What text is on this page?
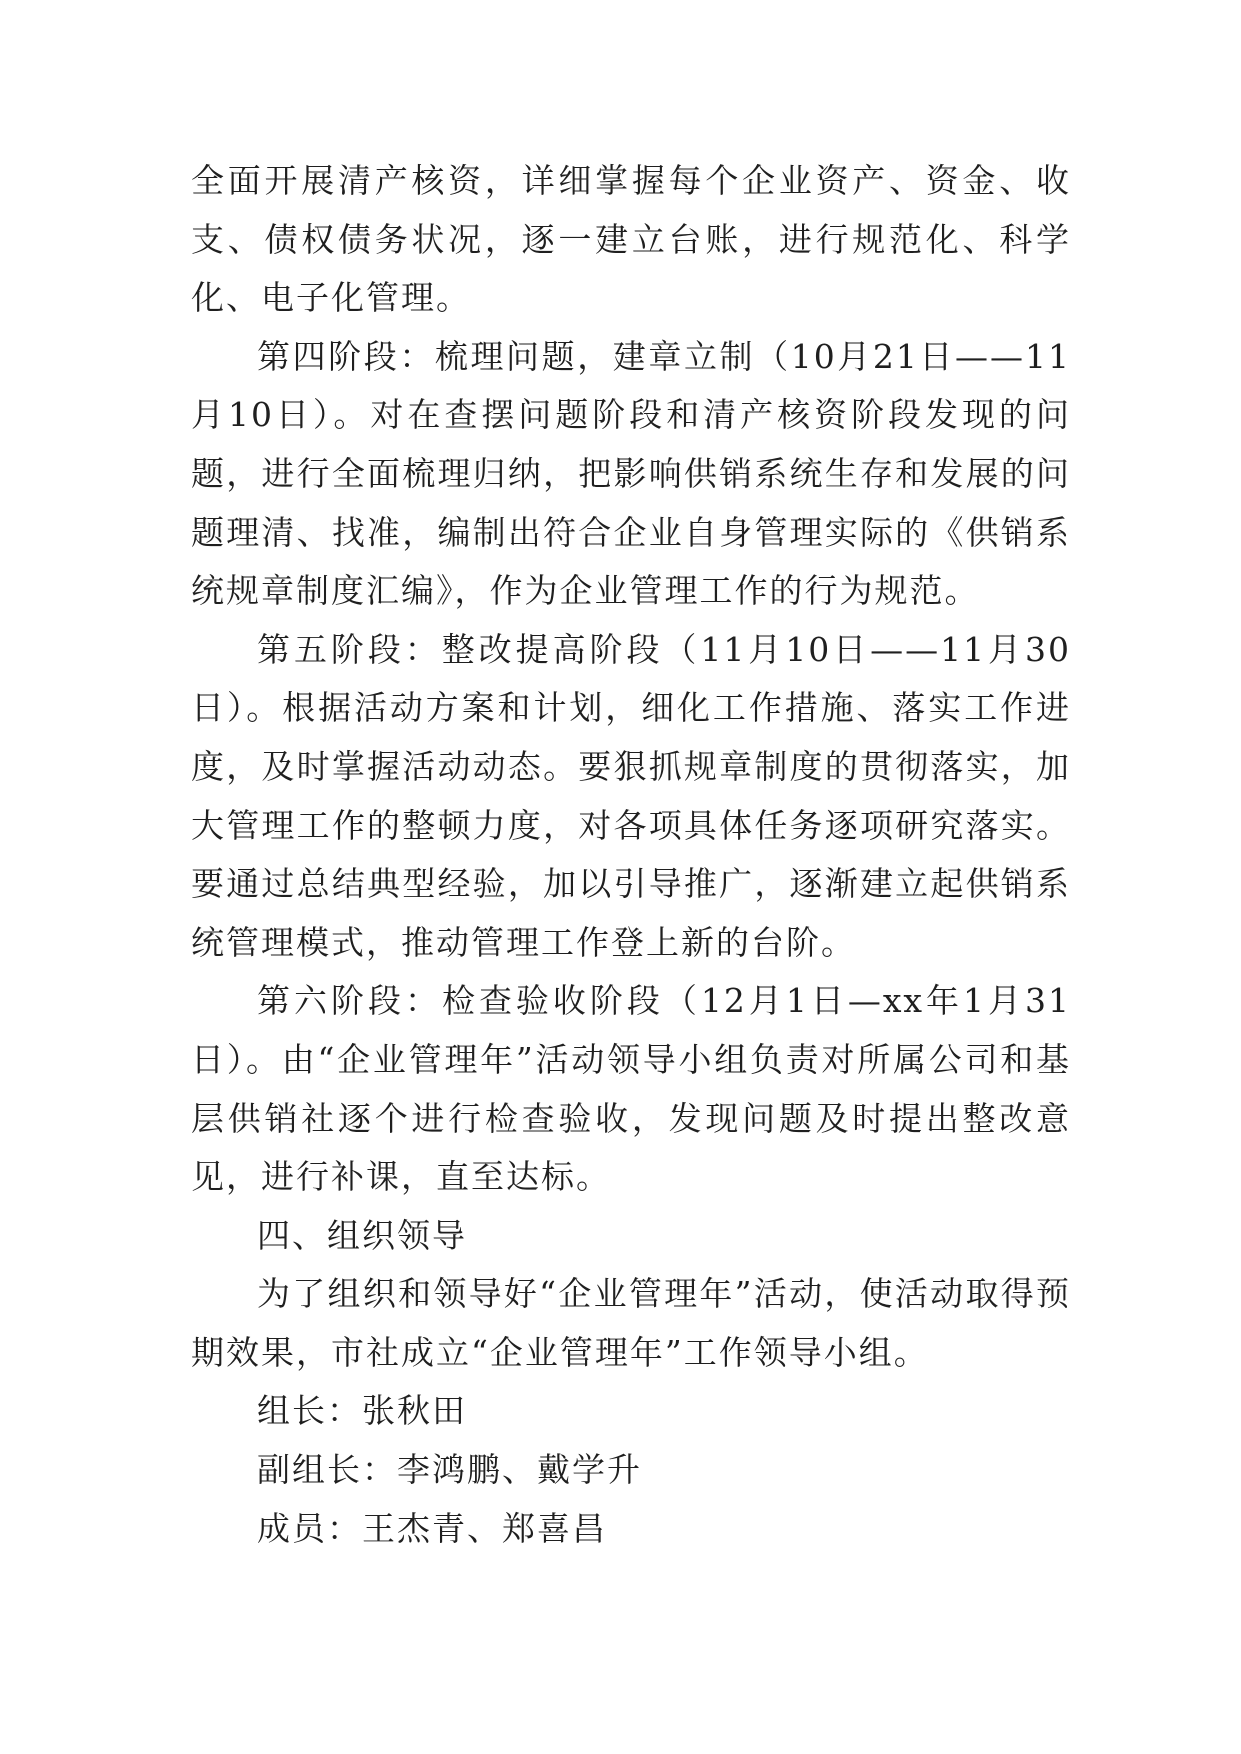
全面开展清产核资，详细掌握每个企业资产、资金、收支、债权债务状况，逐一建立台账，进行规范化、科学化、电子化管理。

第四阶段：梳理问题，建章立制（10月21日——11月10日）。对在查摆问题阶段和清产核资阶段发现的问题，进行全面梳理归纳，把影响供销系统生存和发展的问题理清、找准，编制出符合企业自身管理实际的《供销系统规章制度汇编》，作为企业管理工作的行为规范。

第五阶段：整改提高阶段（11月10日——11月30日）。根据活动方案和计划，细化工作措施、落实工作进度，及时掌握活动动态。要狠抓规章制度的贯彻落实，加大管理工作的整顿力度，对各项具体任务逐项研究落实。要通过总结典型经验，加以引导推广，逐渐建立起供销系统管理模式，推动管理工作登上新的台阶。

第六阶段：检查验收阶段（12月1日—xx年1月31日）。由“企业管理年”活动领导小组负责对所属公司和基层供销社逐个进行检查验收，发现问题及时提出整改意见，进行补课，直至达标。

四、组织领导

为了组织和领导好“企业管理年”活动，使活动取得预期效果，市社成立“企业管理年”工作领导小组。

组长：张秋田

副组长：李鸿鹏、戴学升

成员：王杰青、郑喜昌
